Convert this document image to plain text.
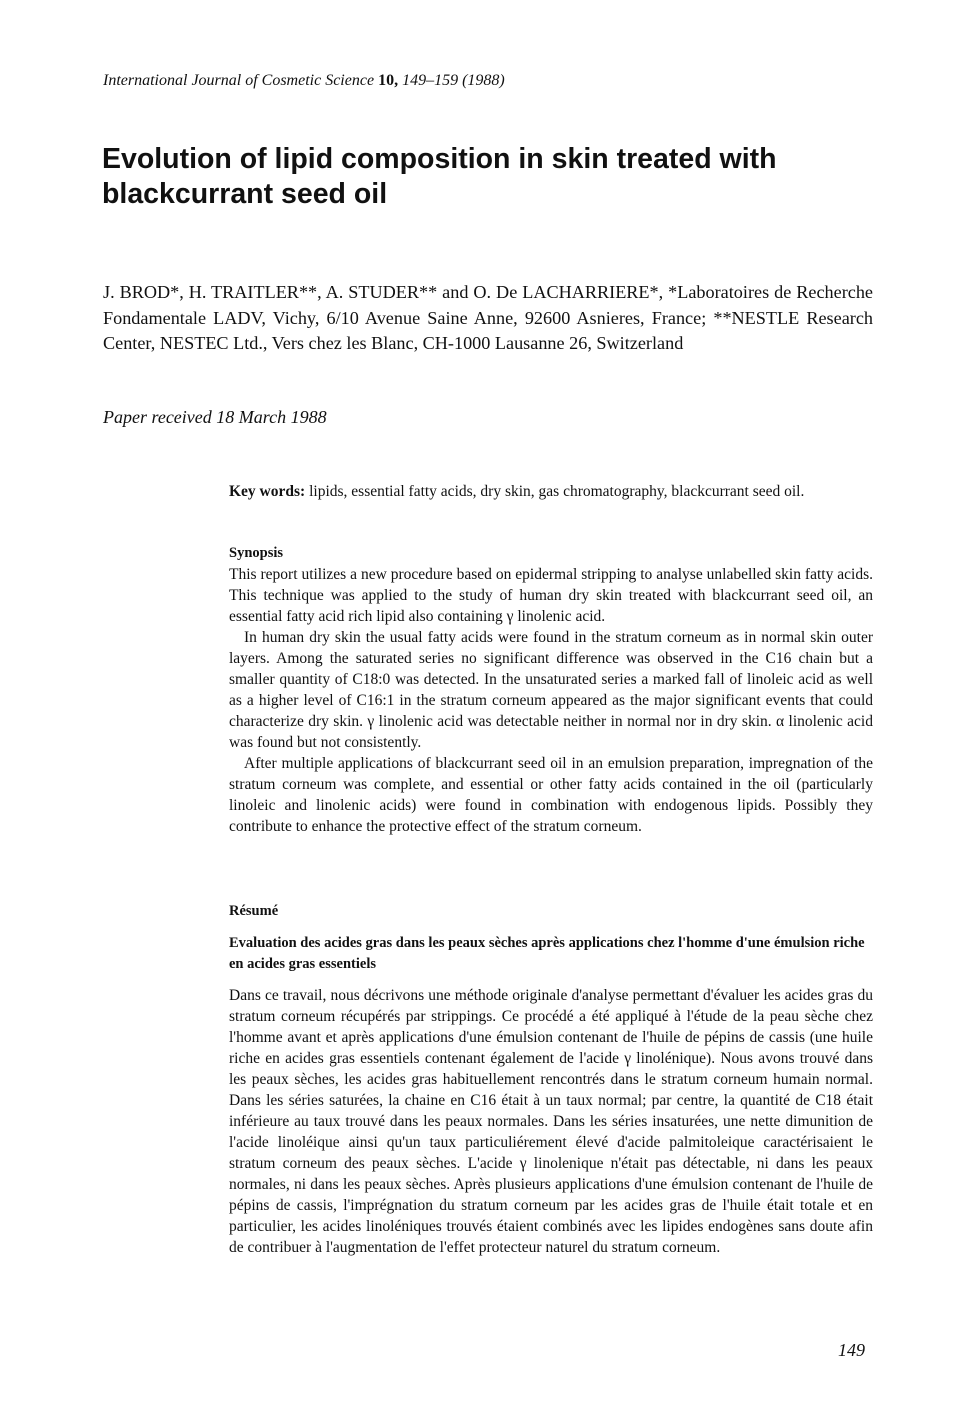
International Journal of Cosmetic Science 10, 149–159 (1988)
Evolution of lipid composition in skin treated with blackcurrant seed oil

J. BROD*, H. TRAITLER**, A. STUDER** and O. De LACHARRIERE*, *Laboratoires de Recherche Fondamentale LADV, Vichy, 6/10 Avenue Saine Anne, 92600 Asnieres, France; **NESTLE Research Center, NESTEC Ltd., Vers chez les Blanc, CH-1000 Lausanne 26, Switzerland

Paper received 18 March 1988

Key words: lipids, essential fatty acids, dry skin, gas chromatography, blackcurrant seed oil.

Synopsis

This report utilizes a new procedure based on epidermal stripping to analyse unlabelled skin fatty acids. This technique was applied to the study of human dry skin treated with blackcurrant seed oil, an essential fatty acid rich lipid also containing γ linolenic acid.

In human dry skin the usual fatty acids were found in the stratum corneum as in normal skin outer layers. Among the saturated series no significant difference was observed in the C16 chain but a smaller quantity of C18:0 was detected. In the unsaturated series a marked fall of linoleic acid as well as a higher level of C16:1 in the stratum corneum appeared as the major significant events that could characterize dry skin. γ linolenic acid was detectable neither in normal nor in dry skin. α linolenic acid was found but not consistently.

After multiple applications of blackcurrant seed oil in an emulsion preparation, impregnation of the stratum corneum was complete, and essential or other fatty acids contained in the oil (particularly linoleic and linolenic acids) were found in combination with endogenous lipids. Possibly they contribute to enhance the protective effect of the stratum corneum.

Résumé

Evaluation des acides gras dans les peaux sèches après applications chez l'homme d'une émulsion riche en acides gras essentiels

Dans ce travail, nous décrivons une méthode originale d'analyse permettant d'évaluer les acides gras du stratum corneum récupérés par strippings. Ce procédé a été appliqué à l'étude de la peau sèche chez l'homme avant et après applications d'une émulsion contenant de l'huile de pépins de cassis (une huile riche en acides gras essentiels contenant également de l'acide γ linolénique). Nous avons trouvé dans les peaux sèches, les acides gras habituellement rencontrés dans le stratum corneum humain normal. Dans les séries saturées, la chaine en C16 était à un taux normal; par centre, la quantité de C18 était inférieure au taux trouvé dans les peaux normales. Dans les séries insaturées, une nette dimunition de l'acide linoléique ainsi qu'un taux particuliérement élevé d'acide palmitoleique caractérisaient le stratum corneum des peaux sèches. L'acide γ linolenique n'était pas détectable, ni dans les peaux normales, ni dans les peaux sèches. Après plusieurs applications d'une émulsion contenant de l'huile de pépins de cassis, l'imprégnation du stratum corneum par les acides gras de l'huile était totale et en particulier, les acides linoléniques trouvés étaient combinés avec les lipides endogènes sans doute afin de contribuer à l'augmentation de l'effet protecteur naturel du stratum corneum.

149
